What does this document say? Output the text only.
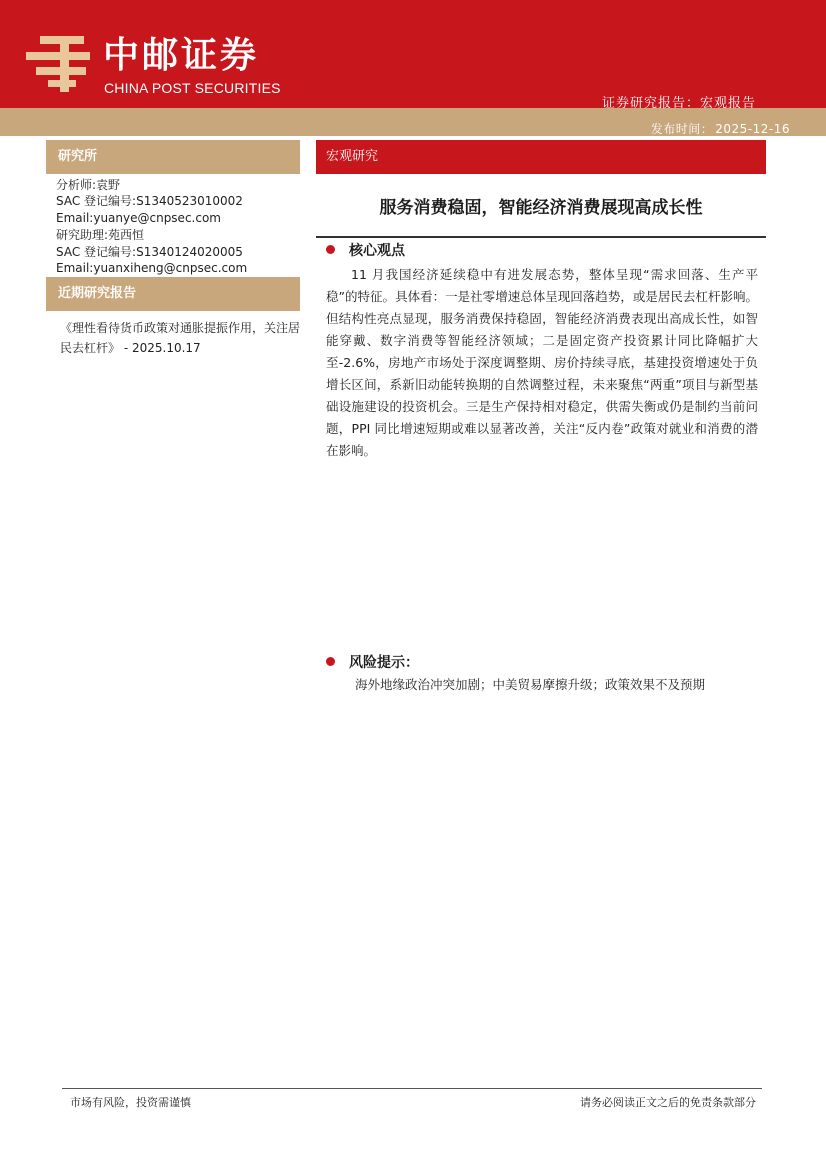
中邮证券
CHINA POST SECURITIES
证券研究报告：宏观报告
发布时间： 2025-12-16
研究所
分析师:袁野
SAC 登记编号:S1340523010002
Email:yuanye@cnpsec.com
研究助理:苑西恒
SAC 登记编号:S1340124020005
Email:yuanxiheng@cnpsec.com
近期研究报告
《理性看待货币政策对通胀提振作用，关注居民去杠杆》 - 2025.10.17
宏观研究
服务消费稳固，智能经济消费展现高成长性
核心观点

11 月我国经济延续稳中有进发展态势，整体呈现“需求回落、生产平稳”的特征。具体看：一是社零增速总体呈现回落趋势，或是居民去杠杆影响。但结构性亮点显现，服务消费保持稳固，智能经济消费表现出高成长性，如智能穿戴、数字消费等智能经济领域；二是固定资产投资累计同比降幅扩大至-2.6%，房地产市场处于深度调整期、房价持续寻底，基建投资增速处于负增长区间，系新旧动能转换期的自然调整过程，未来聚焦“两重”项目与新型基础设施建设的投资机会。三是生产保持相对稳定，供需失衡或仍是制约当前问题，PPI 同比增速短期或难以显著改善，关注“反内卷”政策对就业和消费的潜在影响。

风险提示：
海外地缘政治冲突加剧；中美贸易摩擦升级；政策效果不及预期
市场有风险，投资需谨慎	请务必阅读正文之后的免责条款部分
